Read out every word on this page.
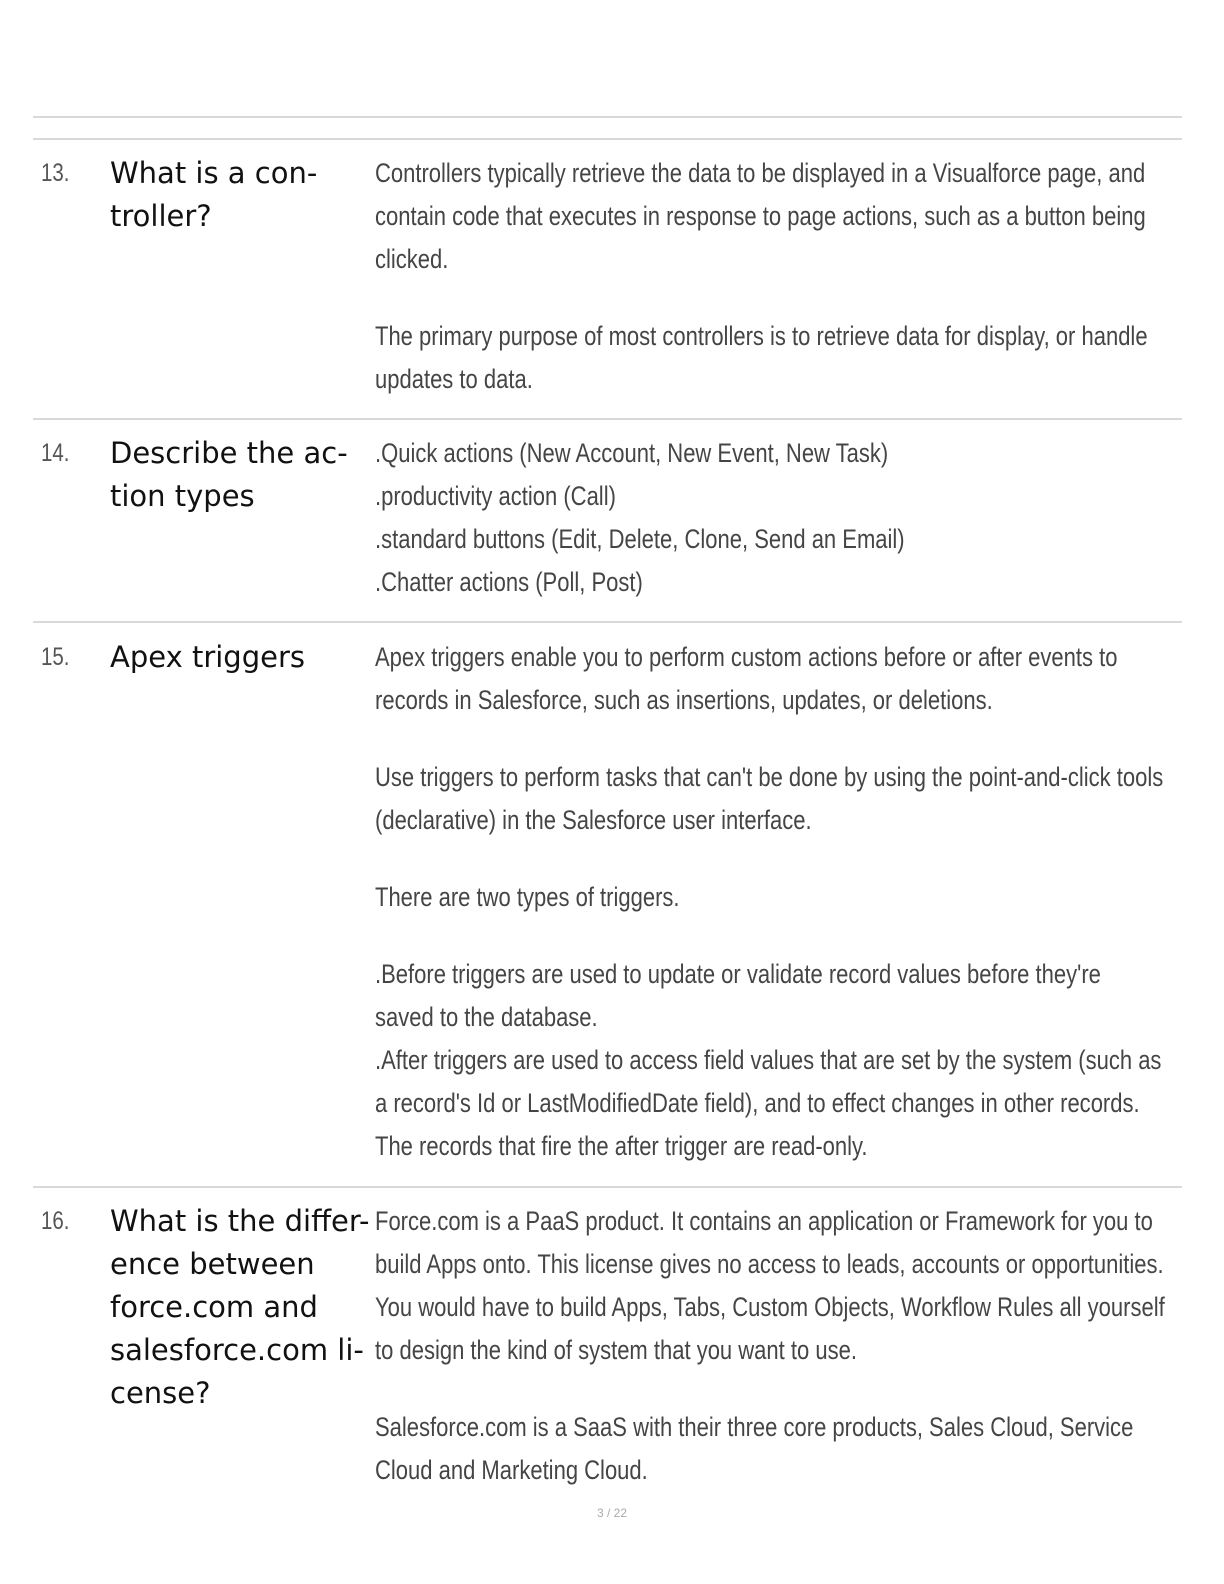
13. What is a con-
troller?

Controllers typically retrieve the data to be displayed in a Visualforce page, and contain code that executes in response to page actions, such as a button being clicked.

The primary purpose of most controllers is to retrieve data for display, or handle updates to data.

14. Describe the ac-
tion types

.Quick actions (New Account, New Event, New Task)
.productivity action (Call)
.standard buttons (Edit, Delete, Clone, Send an Email)
.Chatter actions (Poll, Post)

15. Apex triggers	Apex triggers enable you to perform custom actions before or after events to records in Salesforce, such as insertions, updates, or deletions.

Use triggers to perform tasks that can't be done by using the point-and-click tools (declarative) in the Salesforce user interface.

There are two types of triggers.

.Before triggers are used to update or validate record values before they're saved to the database.
.After triggers are used to access field values that are set by the system (such as a record's Id or LastModifiedDate field), and to effect changes in other records. The records that fire the after trigger are read-only.

16. What is the differ-
ence between
force.com and
salesforce.com li-
cense?

Force.com is a PaaS product. It contains an application or Framework for you to build Apps onto. This license gives no access to leads, accounts or opportunities. You would have to build Apps, Tabs, Custom Objects, Workflow Rules all yourself to design the kind of system that you want to use.

Salesforce.com is a SaaS with their three core products, Sales Cloud, Service Cloud and Marketing Cloud.

3 / 22
